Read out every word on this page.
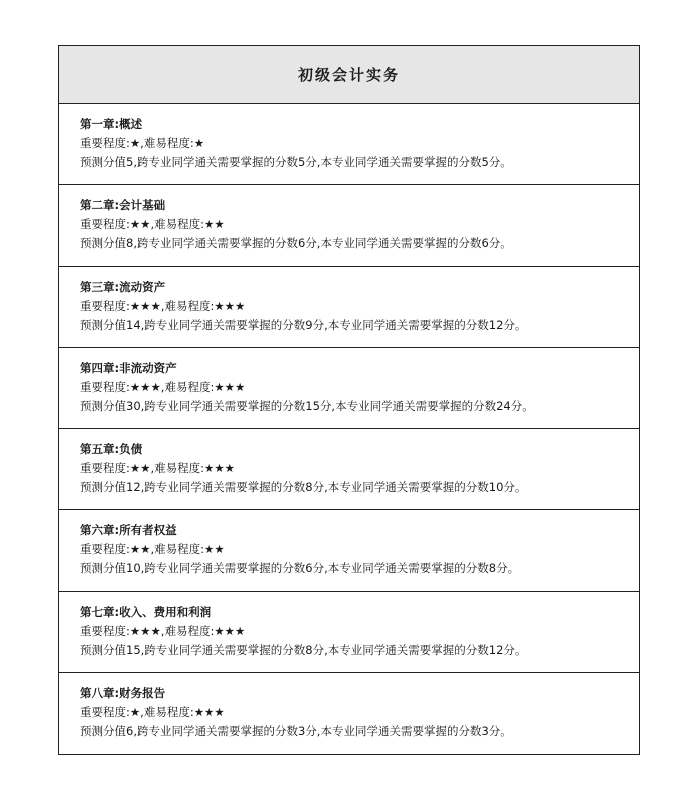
初级会计实务
第一章:概述
重要程度:★,难易程度:★
预测分值5,跨专业同学通关需要掌握的分数5分,本专业同学通关需要掌握的分数5分。
第二章:会计基础
重要程度:★★,难易程度:★★
预测分值8,跨专业同学通关需要掌握的分数6分,本专业同学通关需要掌握的分数6分。
第三章:流动资产
重要程度:★★★,难易程度:★★★
预测分值14,跨专业同学通关需要掌握的分数9分,本专业同学通关需要掌握的分数12分。
第四章:非流动资产
重要程度:★★★,难易程度:★★★
预测分值30,跨专业同学通关需要掌握的分数15分,本专业同学通关需要掌握的分数24分。
第五章:负债
重要程度:★★,难易程度:★★★
预测分值12,跨专业同学通关需要掌握的分数8分,本专业同学通关需要掌握的分数10分。
第六章:所有者权益
重要程度:★★,难易程度:★★
预测分值10,跨专业同学通关需要掌握的分数6分,本专业同学通关需要掌握的分数8分。
第七章:收入、费用和利润
重要程度:★★★,难易程度:★★★
预测分值15,跨专业同学通关需要掌握的分数8分,本专业同学通关需要掌握的分数12分。
第八章:财务报告
重要程度:★,难易程度:★★★
预测分值6,跨专业同学通关需要掌握的分数3分,本专业同学通关需要掌握的分数3分。
